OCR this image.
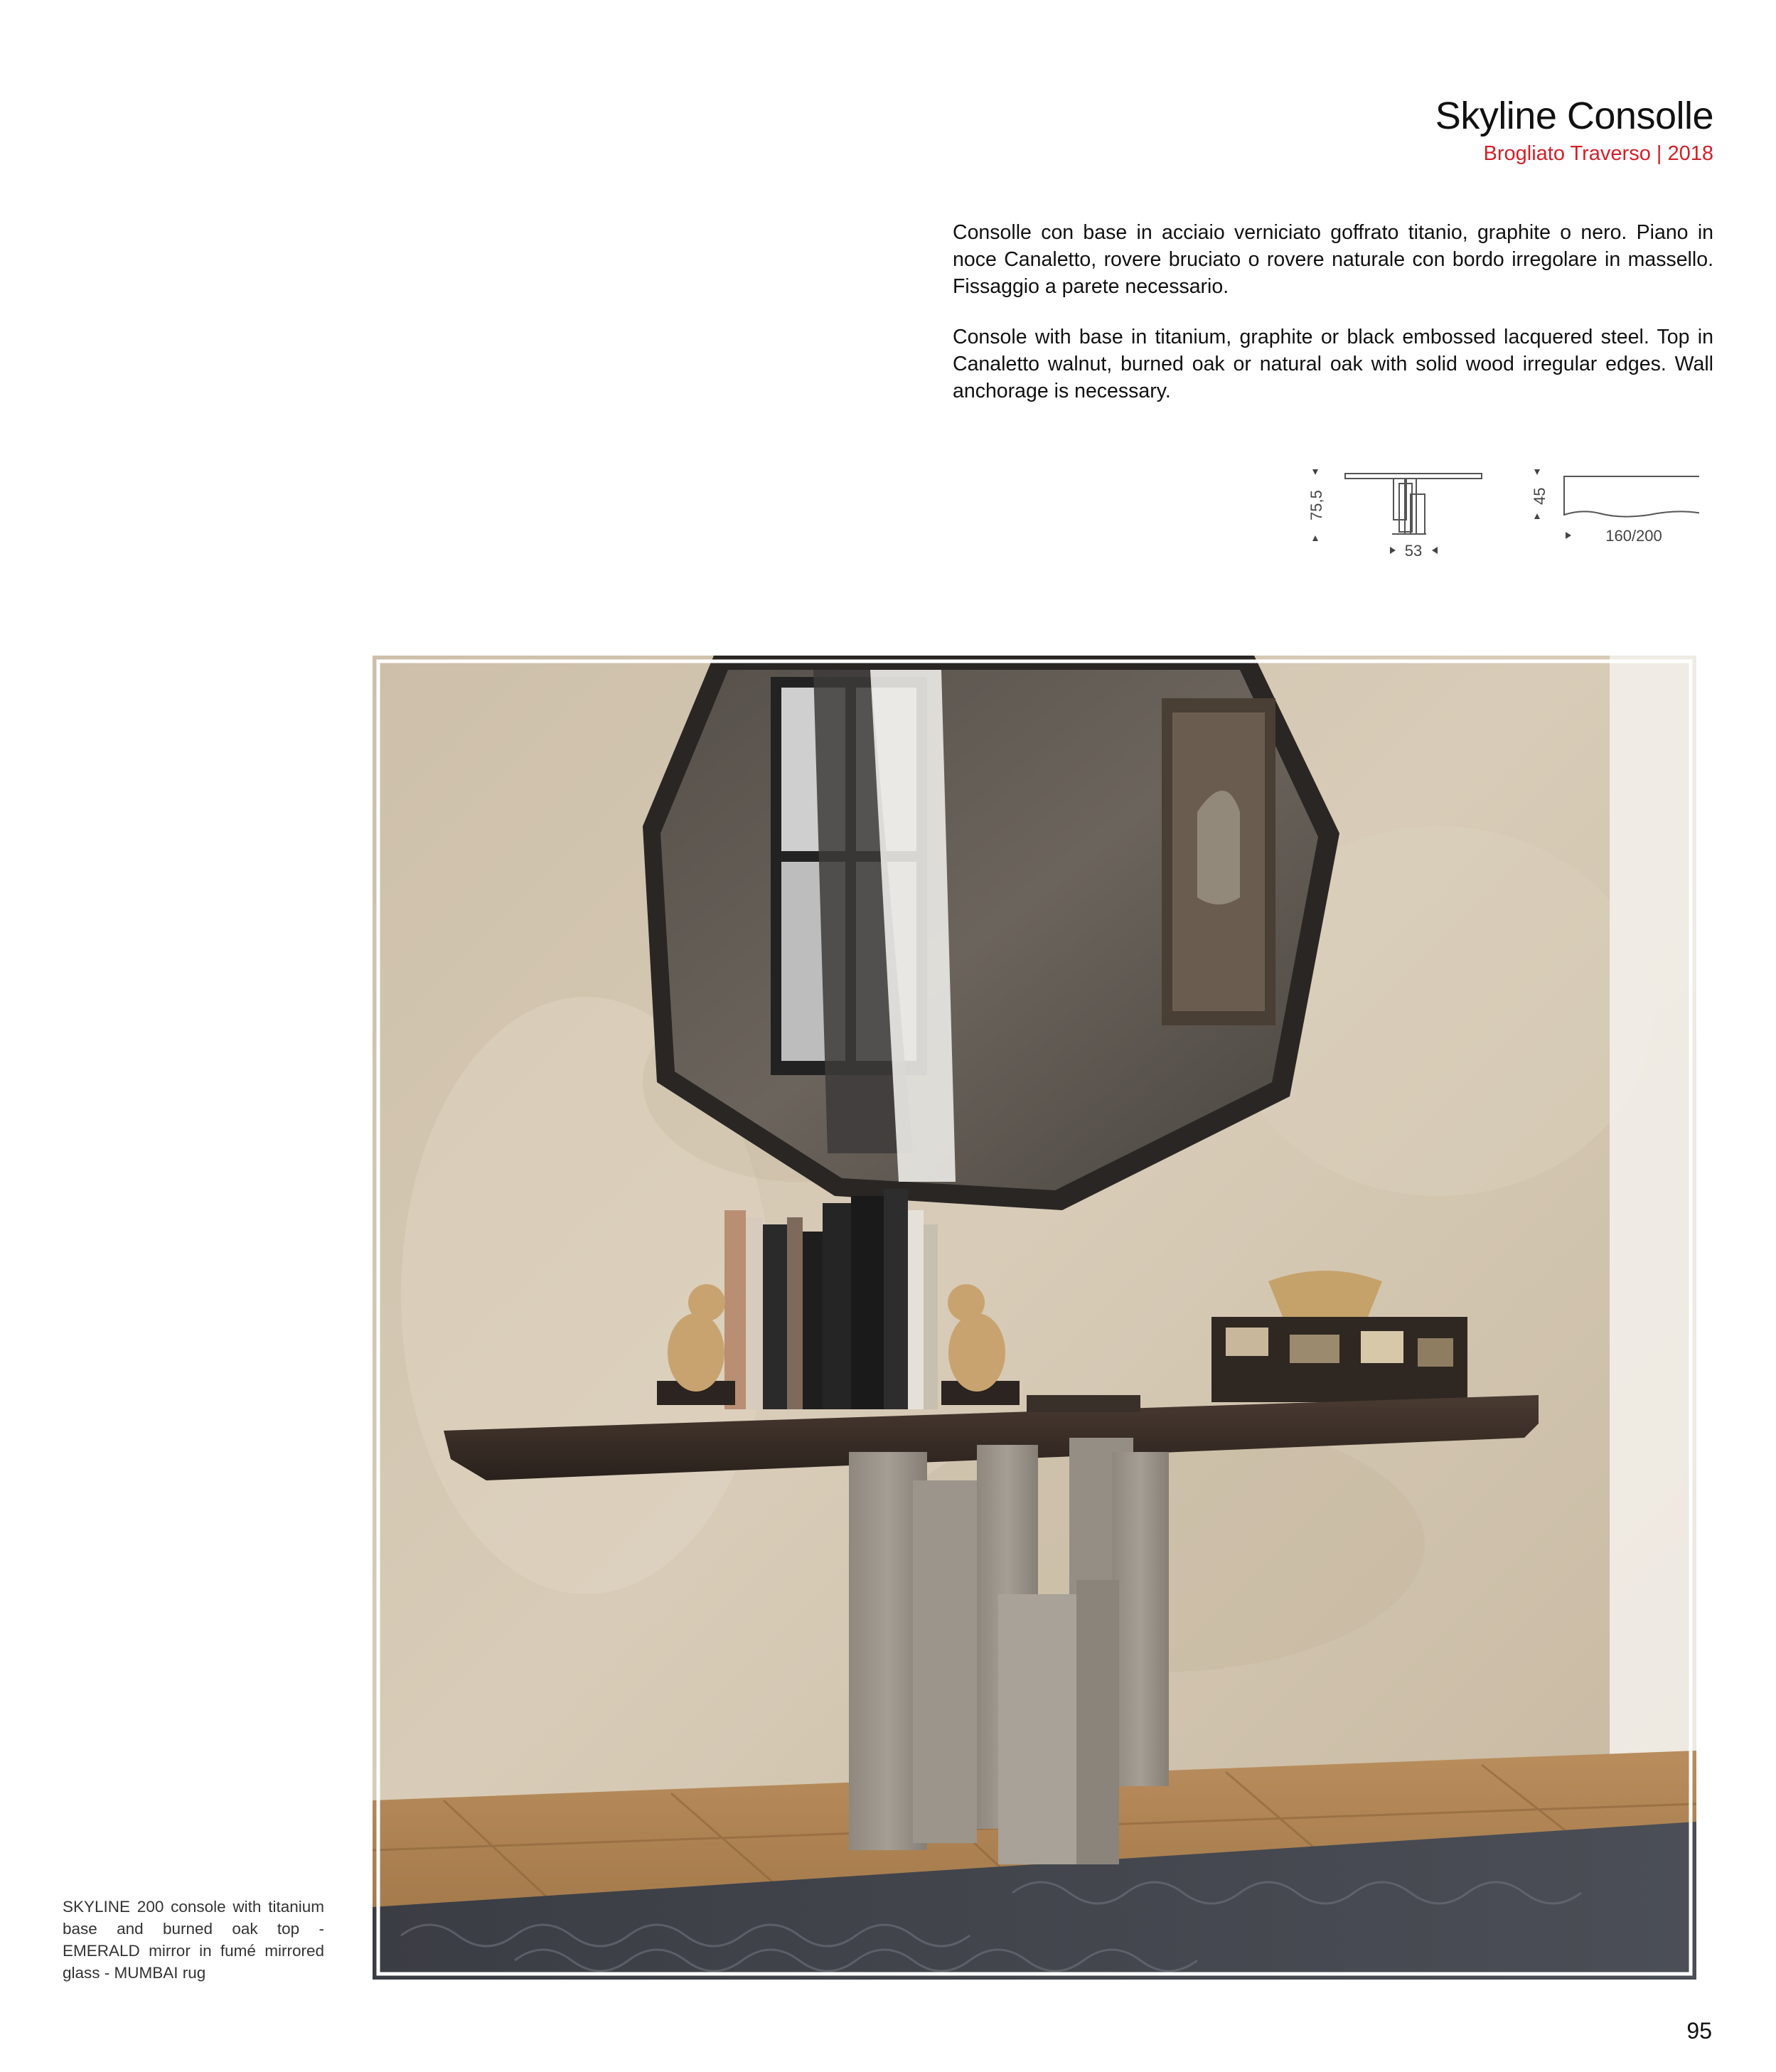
Skyline Consolle
Brogliato Traverso | 2018

Consolle con base in acciaio verniciato goffrato titanio, graphite o nero. Piano in noce Canaletto, rovere bruciato o rovere naturale con bordo irregolare in massello. Fissaggio a parete necessario.

Console with base in titanium, graphite or black embossed lacquered steel. Top in Canaletto walnut, burned oak or natural oak with solid wood irregular edges. Wall anchorage is necessary.

75,5
53
45
160/200

SKYLINE 200 console with titanium base and burned oak top - EMERALD mirror in fumé mirrored glass - MUMBAI rug

95
